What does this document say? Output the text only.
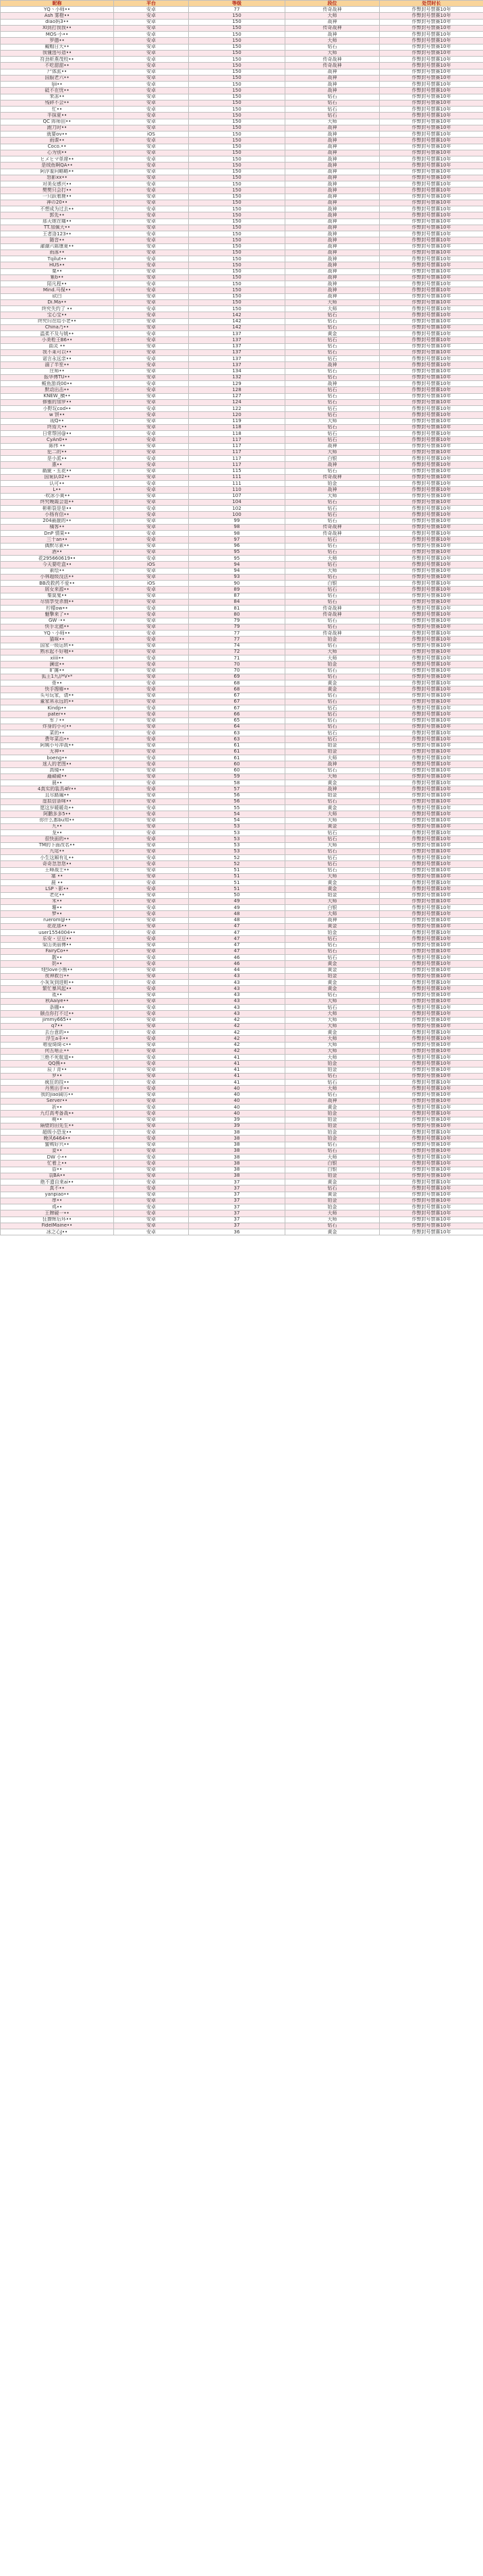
昵称	平台	等级	段位	处罚时长
YQ丶小师••	安卓	77	传奇战神	作弊封号禁赛10年
Ash 雾橙••	安卓	150	大师	作弊封号禁赛10年
diao妈3••	安卓	150	战神	作弊封号禁赛10年
XI到打我我••	安卓	150	传奇战神	作弊封号禁赛10年
MOS·小••	安卓	150	战神	作弊封号禁赛10年
罗德••	安卓	150	大师	作弊封号禁赛10年
戴帽日大••	安卓	150	钻石	作弊封号禁赛10年
我懂违号造••	安卓	150	大师	作弊封号禁赛10年
符劲析燕茂校••	安卓	150	传奇战神	作弊封号禁赛10年
不吃甜甜••	安卓	150	传奇战神	作弊封号禁赛10年
尸体派••	安卓	150	战神	作弊封号禁赛10年
国服老六••	安卓	150	战神	作弊封号禁赛10年
ljii••	安卓	150	战神	作弊封号禁赛10年
砥不在忧••	安卓	150	战神	作弊封号禁赛10年
茉冻••	安卓	150	钻石	作弊封号禁赛10年
残碎不会••	安卓	150	钻石	作弊封号禁赛10年
忙••	安卓	150	钻石	作弊封号禁赛10年
半抹夏••	安卓	150	钻石	作弊封号禁赛10年
QC 阵师田••	安卓	150	大师	作弊封号禁赛10年
跑刀时••	安卓	150	战神	作弊封号禁赛10年
就要ov••	iOS	150	战神	作弊封号禁赛10年
雨课••	安卓	150	战神	作弊封号禁赛10年
Coco.••	安卓	150	战神	作弊封号禁赛10年
心为别••	安卓	150	战神	作弊封号禁赛10年
ヒメヒマ单席••	安卓	150	战神	作弊封号禁赛10年
是绒鱼啊QA••	安卓	150	战神	作弊封号禁赛10年
阿浮羞问略略••	安卓	150	战神	作弊封号禁赛10年
怒影xx••	安卓	150	战神	作弊封号禁赛10年
对美女感兴••	安卓	150	战神	作弊封号禁赛10年
樊樊只会打••	安卓	150	战神	作弊封号禁赛10年
一只跃着鹿••	安卓	150	战神	作弊封号禁赛10年
神の20••	安卓	150	战神	作弊封号禁赛10年
不想成为过去••	安卓	150	战神	作弊封号禁赛10年
郭先••	安卓	150	战神	作弊封号禁赛10年
那天她在痛••	安卓	150	战神	作弊封号禁赛10年
TT.加佩大••	安卓	150	战神	作弊封号禁赛10年
王者洛123••	安卓	150	战神	作弊封号禁赛10年
随音••	安卓	150	战神	作弊封号禁赛10年
濯潮六陈康夏••	安卓	150	战神	作弊封号禁赛10年
雨涿••	安卓	150	战神	作弊封号禁赛10年
Tqilut••	安卓	150	战神	作弊封号禁赛10年
HUS••	安卓	150	战神	作弊封号禁赛10年
粟••	安卓	150	战神	作弊封号禁赛10年
紫b••	安卓	150	战神	作弊封号禁赛10年
陌凡程••	安卓	150	战神	作弊封号禁赛10年
Mind.马保••	安卓	150	战神	作弊封号禁赛10年
砍白	安卓	150	战神	作弊封号禁赛10年
Di.Ma••	安卓	150	大师	作弊封号禁赛10年
终究失约了 ••	安卓	150	大师	作弊封号禁赛10年
宝心宝••	安卓	142	钻石	作弊封号禁赛10年
终究归在给小老••	安卓	142	钻石	作弊封号禁赛10年
China乃••	安卓	142	钻石	作弊封号禁赛10年
温柔不及与姚••	安卓	137	黄金	作弊封号禁赛10年
小美枪王B6••	安卓	137	钻石	作弊封号禁赛10年
曲灵 ••	安卓	137	钻石	作弊封号禁赛10年
我不莱可以••	安卓	137	钻石	作弊封号禁赛10年
诺言永远亲••	安卓	137	钻石	作弊封号禁赛10年
溺了半笙••	安卓	137	战神	作弊封号禁赛10年
庄师••	安卓	134	钻石	作弊封号禁赛10年
振华博TU••	安卓	132	钻石	作弊封号禁赛10年
鲅鱼游戏00••	安卓	129	战神	作弊封号禁赛10年
默动出击••	安卓	128	钻石	作弊封号禁赛10年
KNEW_横••	安卓	127	钻石	作弊封号禁赛10年
修雅的加罗••	安卓	124	钻石	作弊封号禁赛10年
小野玩cod••	安卓	122	钻石	作弊封号禁赛10年
w 饼••	安卓	120	钻石	作弊封号禁赛10年
现Q••	安卓	119	大师	作弊封号禁赛10年
终焉大••	安卓	118	钻石	作弊封号禁赛10年
日常帮回@••	安卓	118	钻石	作弊封号禁赛10年
CyAn0••	安卓	117	钻石	作弊封号禁赛10年
陈伟 ••	安卓	117	战神	作弊封号禁赛10年
犯二的••	安卓	117	大师	作弊封号禁赛10年
是小派••	安卓	117	白银	作弊封号禁赛10年
惠••	安卓	117	战神	作弊封号禁赛10年
戳疵・五花••	安卓	115	钻石	作弊封号禁赛10年
国案队02••	安卓	111	传奇战神	作弊封号禁赛10年
认可••	安卓	111	铂金	作弊封号禁赛10年
L••	安卓	110	战神	作弊封号禁赛10年
·吹冰小黄••	安卓	107	大师	作弊封号禁赛10年
终究晚霞会退••	安卓	104	钻石	作弊封号禁赛10年
彬彬裂是是••	安卓	102	钻石	作弊封号禁赛10年
小杨有信••	安卓	100	钻石	作弊封号禁赛10年
204最靓的••	安卓	99	钻石	作弊封号禁赛10年
橘客••	安卓	98	传奇战神	作弊封号禁赛10年
DnP 情果••	安卓	98	传奇战神	作弊封号禁赛10年
三十an••	安卓	97	钻石	作弊封号禁赛10年
偶默尽素••	安卓	96	钻石	作弊封号禁赛10年
酒••	安卓	95	钻石	作弊封号禁赛10年
花295660619••	安卓	95	大师	作弊封号禁赛10年
今天要吃盒••	iOS	94	钻石	作弊封号禁赛10年
素绘••	安卓	94	大师	作弊封号禁赛10年
小林超级没法••	安卓	93	钻石	作弊封号禁赛10年
BB改救药不爱••	iOS	90	白银	作弊封号禁赛10年
屑女来源••	安卓	89	钻石	作弊封号禁赛10年
秦莫鬼••	安卓	87	钻石	作弊封号禁赛10年
尽情享受杀戮••	安卓	84	钻石	作弊封号禁赛10年
柠檬ow••	安卓	81	传奇战神	作弊封号禁赛10年
魅擎来了••	安卓	80	传奇战神	作弊封号禁赛10年
GW ·••	安卓	79	钻石	作弊封号禁赛10年
快手北懿••	安卓	79	钻石	作弊封号禁赛10年
YQ丶小师••	安卓	77	传奇战神	作弊封号禁赛10年
猫咪••	安卓	77	铂金	作弊封号禁赛10年
国家一级运转••	安卓	74	钻石	作弊封号禁赛10年
熟水起不好哦••	安卓	72	大师	作弊封号禁赛10年
xiiii••	安卓	71	大师	作弊封号禁赛10年
澜谊••	安卓	70	铂金	作弊封号禁赛10年
旷摊••	安卓	70	钻石	作弊封号禁赛10年
狐王1九//*V•*	安卓	69	钻石	作弊封号禁赛10年
骨••	安卓	68	黄金	作弊封号禁赛10年
快手搜椿••	安卓	68	黄金	作弊封号禁赛10年
头号玩家，请••	安卓	67	钻石	作弊封号禁赛10年
董家帛永远的••	安卓	67	钻石	作弊封号禁赛10年
Kindp••	安卓	67	钻石	作弊封号禁赛10年
pater••	安卓	66	钻石	作弊封号禁赛10年
军丿••	安卓	65	钻石	作弊封号禁赛10年
炸身的小可••	安卓	64	钻石	作弊封号禁赛10年
菜的••	安卓	63	钻石	作弊封号禁赛10年
费年菜治••	安卓	63	钻石	作弊封号禁赛10年
阿姨小号冲战••	安卓	61	铂金	作弊封号禁赛10年
无神••	安卓	61	铂金	作弊封号禁赛10年
boeng••	安卓	61	大师	作弊封号禁赛10年
迷人的老图••	安卓	60	战神	作弊封号禁赛10年
高镜••	安卓	60	钻石	作弊封号禁赛10年
矗赣赣••	安卓	59	大师	作弊封号禁赛10年
晨••	安卓	58	黄金	作弊封号禁赛10年
4真实的装具4fr••	安卓	57	战神	作弊封号禁赛10年
且尽路遍••	安卓	56	铂金	作弊封号禁赛10年
虚拟信条咪••	安卓	56	钻石	作弊封号禁赛10年
愿这岁暖暖岛••	安卓	55	黄金	作弊封号禁赛10年
阿鹏多多5••	安卓	54	大师	作弊封号禁赛10年
你什么都bu知••	安卓	54	大师	作弊封号禁赛10年
九••	安卓	53	黄金	作弊封号禁赛10年
龙••	安卓	53	钻石	作弊封号禁赛10年
很快面的••	安卓	53	钻石	作弊封号禁赛10年
TM的下面改名••	安卓	53	大师	作弊封号禁赛10年
九尾••	安卓	53	钻石	作弊封号禁赛10年
小生这厢有礼••	安卓	52	钻石	作弊封号禁赛10年
奇奇忽忽您••	安卓	52	钻石	作弊封号禁赛10年
王峰战士••	安卓	51	钻石	作弊封号禁赛10年
塞 ••	安卓	51	大师	作弊封号禁赛10年
晨 ••	安卓	51	黄金	作弊封号禁赛10年
LSP丶影••	安卓	51	黄金	作弊封号禁赛10年
老化••	安卓	50	铂金	作弊封号禁赛10年
米••	安卓	49	大师	作弊封号禁赛10年
珊••	安卓	49	白银	作弊封号禁赛10年
梦••	安卓	48	大师	作弊封号禁赛10年
ruerom@••	安卓	48	战神	作弊封号禁赛10年
花花那••	安卓	47	黄金	作弊封号禁赛10年
user1554004••	安卓	47	铂金	作弊封号禁赛10年
乐安・豆豆••	安卓	47	钻石	作弊封号禁赛10年
梁山美丽傅••	安卓	47	钻石	作弊封号禁赛10年
FairyCo••	安卓	47	钻石	作弊封号禁赛10年
靓••	安卓	46	钻石	作弊封号禁赛10年
奶••	安卓	46	黄金	作弊封号禁赛10年
f把love小熊••	安卓	44	黄金	作弊封号禁赛10年
夜神救台••	安卓	43	铂金	作弊封号禁赛10年
小灰灰到进赃••	安卓	43	黄金	作弊封号禁赛10年
繁忙暴风起••	安卓	43	黄金	作弊封号禁赛10年
祗••	安卓	43	钻石	作弊封号禁赛10年
秋Aaiye••	安卓	43	大师	作弊封号禁赛10年
条棚••	安卓	43	钻石	作弊封号禁赛10年
颐点你打不过••	安卓	43	大师	作弊封号禁赛10年
jimmy665••	安卓	42	大师	作弊封号禁赛10年
q7••	安卓	42	大师	作弊封号禁赛10年
去台意的••	安卓	42	黄金	作弊封号禁赛10年
浮生a丰••	安卓	42	大师	作弊封号禁赛10年
嗯爱绮绮·c••	安卓	42	大师	作弊封号禁赛10年
何五啥正••	安卓	42	大师	作弊封号禁赛10年
三绝不死航道••	安卓	41	大师	作弊封号禁赛10年
QQ熊••	安卓	41	铂金	作弊封号禁赛10年
辰丿青••	安卓	41	铂金	作弊封号禁赛10年
罗••	安卓	41	钻石	作弊封号禁赛10年
疯狂的技••	安卓	41	钻石	作弊封号禁赛10年
丹黑出手••	安卓	40	大师	作弊封号禁赛10年
我的jiao阔厉••	安卓	40	钻石	作弊封号禁赛10年
Server••	安卓	40	战神	作弊封号禁赛10年
祈••	安卓	40	黄金	作弊封号禁赛10年
九灯高考备战••	安卓	40	铂金	作弊封号禁赛10年
萌••	安卓	39	铂金	作弊封号禁赛10年
隔壁的田先生••	安卓	39	铂金	作弊封号禁赛10年
超级小恐龙••	安卓	38	铂金	作弊封号禁赛10年
晚风6464••	安卓	38	铂金	作弊封号禁赛10年
蜜鸭好兴••	安卓	38	钻石	作弊封号禁赛10年
妾••	安卓	38	钻石	作弊封号禁赛10年
DW 小••	安卓	38	大师	作弊封号禁赛10年
忙着上••	安卓	38	白银	作弊封号禁赛10年
昏••	安卓	38	白银	作弊封号禁赛10年
袁BA••	安卓	38	铂金	作弊封号禁赛10年
绝不遗自来ai••	安卓	37	黄金	作弊封号禁赛10年
真不••	安卓	37	钻石	作弊封号禁赛10年
yanpiao••	安卓	37	黄金	作弊封号禁赛10年
串••	安卓	37	铂金	作弊封号禁赛10年
鸡••	安卓	37	铂金	作弊封号禁赛10年
王牌硬一••	安卓	37	大师	作弊封号禁赛10年
狂撩辉后坏••	安卓	37	大师	作弊封号禁赛10年
FideIMaine••	安卓	37	钻石	作弊封号禁赛10年
冰之心J••	安卓	36	黄金	作弊封号禁赛10年
